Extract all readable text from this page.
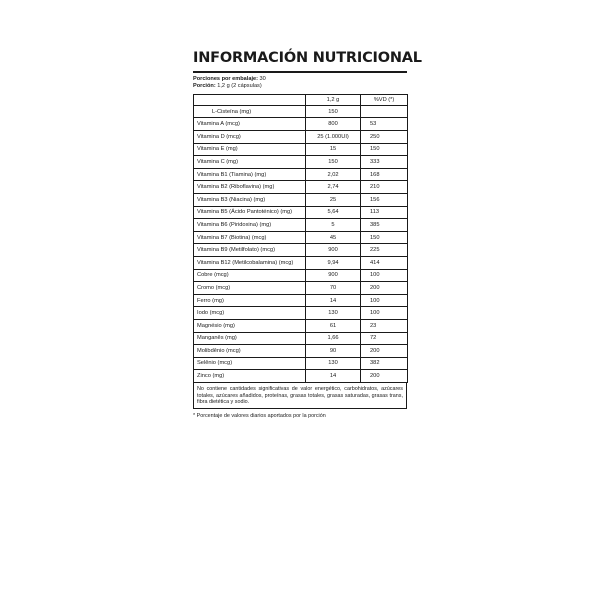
INFORMACIÓN NUTRICIONAL
Porciones por embalaje: 30
Porción: 1,2 g (2 cápsulas)
	1,2 g	%VD (*)
L-Cisteína (mg)	150	
Vitamina A (mcg)	800	53
Vitamina D (mcg)	25 (1.000UI)	250
Vitamina E (mg)	15	150
Vitamina C (mg)	150	333
Vitamina B1 (Tiamina) (mg)	2,02	168
Vitamina B2 (Riboflavina) (mg)	2,74	210
Vitamina B3 (Niacina) (mg)	25	156
Vitamina B5 (Ácido Pantoténico) (mg)	5,64	113
Vitamina B6 (Piridoxina) (mg)	5	385
Vitamina B7 (Biotina) (mcg)	45	150
Vitamina B9 (Metilfolato) (mcg)	900	225
Vitamina B12 (Metilcobalamina) (mcg)	9,94	414
Cobre (mcg)	900	100
Cromo (mcg)	70	200
Ferro (mg)	14	100
Iodo (mcg)	130	100
Magnésio (mg)	61	23
Manganês (mg)	1,66	72
Molibdênio (mcg)	90	200
Selênio (mcg)	130	382
Zinco (mg)	14	200
No contiene cantidades significativas de valor energético, carbohidratos, azúcares totales, azúcares añadidos, proteínas, grasas totales, grasas saturadas, grasas trans, fibra dietética y sodio.
* Porcentaje de valores diarios aportados por la porción
